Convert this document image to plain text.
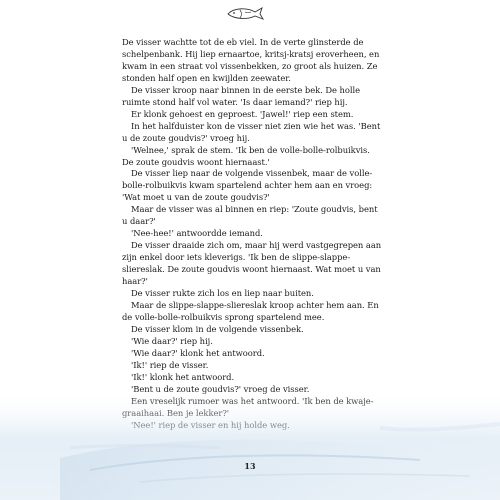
De visser wachtte tot de eb viel. In de verte glinsterde de schelpenbank. Hij liep ernaartoe, kritsj-kratsj eroverheen, en kwam in een straat vol vissenbekken, zo groot als huizen. Ze stonden half open en kwijlden zeewater.

De visser kroop naar binnen in de eerste bek. De holle ruimte stond half vol water. 'Is daar iemand?' riep hij.

Er klonk gehoest en geproest. 'Jawel!' riep een stem.

In het halfduister kon de visser niet zien wie het was. 'Bent u de zoute goudvis?' vroeg hij.

'Welnee,' sprak de stem. 'Ik ben de volle-bolle-rolbuikvis. De zoute goudvis woont hiernaast.'

De visser liep naar de volgende vissenbek, maar de volle-bolle-rolbuikvis kwam spartelend achter hem aan en vroeg: 'Wat moet u van de zoute goudvis?'

Maar de visser was al binnen en riep: 'Zoute goudvis, bent u daar?'

'Nee-hee!' antwoordde iemand.

De visser draaide zich om, maar hij werd vastgegrepen aan zijn enkel door iets kleverigs. 'Ik ben de slippe-slappe-sliereslak. De zoute goudvis woont hiernaast. Wat moet u van haar?'

De visser rukte zich los en liep naar buiten.

Maar de slippe-slappe-sliereslak kroop achter hem aan. En de volle-bolle-rolbuikvis sprong spartelend mee.

De visser klom in de volgende vissenbek.

'Wie daar?' riep hij.

'Wie daar?' klonk het antwoord.

'Ik!' riep de visser.

'Ik!' klonk het antwoord.

13
